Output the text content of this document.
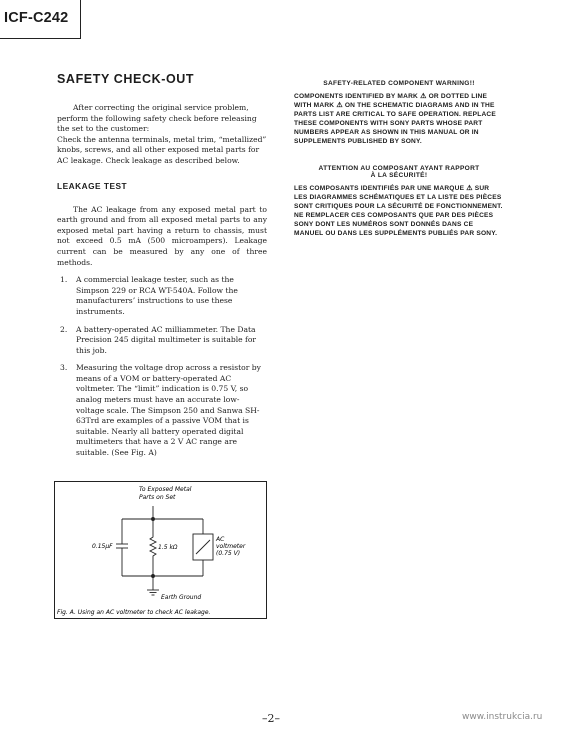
ICF-C242
SAFETY CHECK-OUT

After correcting the original service problem, perform the following safety check before releasing the set to the customer:

Check the antenna terminals, metal trim, “metallized” knobs, screws, and all other exposed metal parts for AC leakage. Check leakage as described below.

LEAKAGE TEST

The AC leakage from any exposed metal part to earth ground and from all exposed metal parts to any exposed metal part having a return to chassis, must not exceed 0.5 mA (500 microampers). Leakage current can be measured by any one of three methods.

1. A commercial leakage tester, such as the Simpson 229 or RCA WT-540A. Follow the manufacturers’ instructions to use these instruments.
2. A battery-operated AC milliammeter. The Data Precision 245 digital multimeter is suitable for this job.
3. Measuring the voltage drop across a resistor by means of a VOM or battery-operated AC voltmeter. The “limit” indication is 0.75 V, so analog meters must have an accurate low-voltage scale. The Simpson 250 and Sanwa SH-63Trd are examples of a passive VOM that is suitable. Nearly all battery operated digital multimeters that have a 2 V AC range are suitable. (See Fig. A)

SAFETY-RELATED COMPONENT WARNING!!

COMPONENTS IDENTIFIED BY MARK ⚠ OR DOTTED LINE WITH MARK ⚠ ON THE SCHEMATIC DIAGRAMS AND IN THE PARTS LIST ARE CRITICAL TO SAFE OPERATION. REPLACE THESE COMPONENTS WITH SONY PARTS WHOSE PART NUMBERS APPEAR AS SHOWN IN THIS MANUAL OR IN SUPPLEMENTS PUBLISHED BY SONY.

ATTENTION AU COMPOSANT AYANT RAPPORT
À LA SÉCURITÉ!

LES COMPOSANTS IDENTIFIÉS PAR UNE MARQUE ⚠ SUR LES DIAGRAMMES SCHÉMATIQUES ET LA LISTE DES PIÈCES SONT CRITIQUES POUR LA SÉCURITÉ DE FONCTIONNEMENT. NE REMPLACER CES COMPOSANTS QUE PAR DES PIÈCES SONY DONT LES NUMÉROS SONT DONNÉS DANS CE MANUEL OU DANS LES SUPPLÉMENTS PUBLIÉS PAR SONY.

To Exposed Metal
Parts on Set
0.15μF	1.5 kΩ
AC
voltmeter
(0.75 V)
Earth Ground
Fig. A. Using an AC voltmeter to check AC leakage.
–2–	www.instrukcia.ru
